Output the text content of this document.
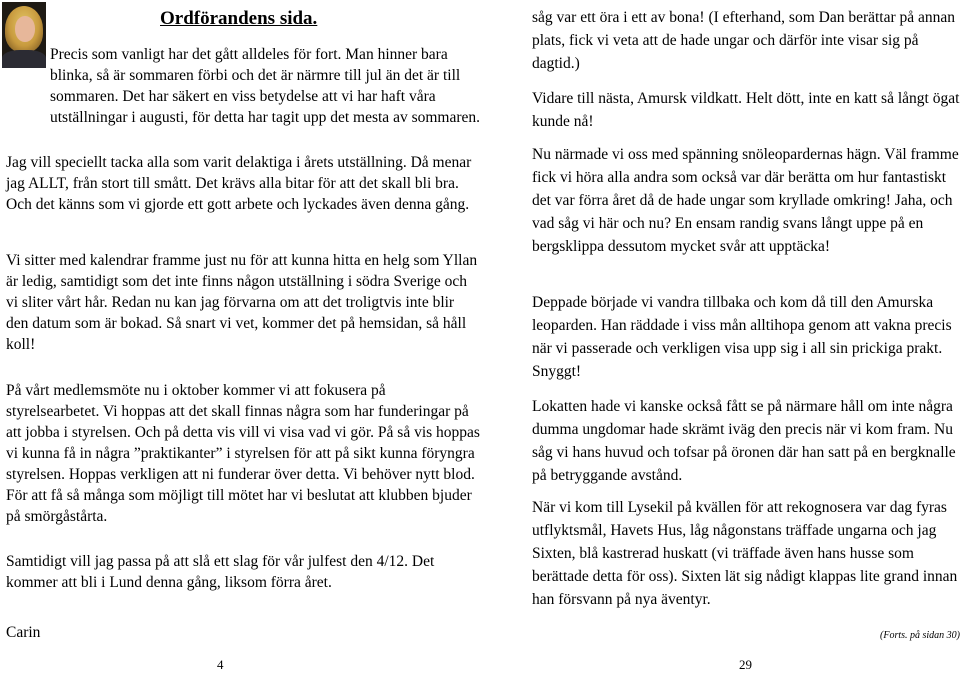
Ordförandens sida.

Precis som vanligt har det gått alldeles för fort. Man hinner bara blinka, så är sommaren förbi och det är närmre till jul än det är till sommaren. Det har säkert en viss betydelse att vi har haft våra utställningar i augusti, för detta har tagit upp det mesta av sommaren.

Jag vill speciellt tacka alla som varit delaktiga i årets utställning. Då menar jag ALLT, från stort till smått. Det krävs alla bitar för att det skall bli bra. Och det känns som vi gjorde ett gott arbete och lyckades även denna gång.

Vi sitter med kalendrar framme just nu för att kunna hitta en helg som Yllan är ledig, samtidigt som det inte finns någon utställning i södra Sverige och vi sliter vårt hår. Redan nu kan jag förvarna om att det troligtvis inte blir den datum som är bokad. Så snart vi vet, kommer det på hemsidan, så håll koll!

På vårt medlemsmöte nu i oktober kommer vi att fokusera på styrelsearbetet. Vi hoppas att det skall finnas några som har funderingar på att jobba i styrelsen. Och på detta vis vill vi visa vad vi gör. På så vis hoppas vi kunna få in några ”praktikanter” i styrelsen för att på sikt kunna föryngra styrelsen. Hoppas verkligen att ni funderar över detta. Vi behöver nytt blod. För att få så många som möjligt till mötet har vi beslutat att klubben bjuder på smörgåstårta.

Samtidigt vill jag passa på att slå ett slag för vår julfest den 4/12. Det kommer att bli i Lund denna gång, liksom förra året.

Carin

4

såg var ett öra i ett av bona! (I efterhand, som Dan berättar på annan plats, fick vi veta att de hade ungar och därför inte visar sig på dagtid.)

Vidare till nästa, Amursk vildkatt. Helt dött, inte en katt så långt ögat kunde nå!

Nu närmade vi oss med spänning snöleopardernas hägn. Väl framme fick vi höra alla andra som också var där berätta om hur fantastiskt det var förra året då de hade ungar som kryllade omkring! Jaha, och vad såg vi här och nu? En ensam randig svans långt uppe på en bergsklippa dessutom mycket svår att upptäcka!

Deppade började vi vandra tillbaka och kom då till den Amurska leoparden. Han räddade i viss mån alltihopa genom att vakna precis när vi passerade och verkligen visa upp sig i all sin prickiga prakt. Snyggt!

Lokatten hade vi kanske också fått se på närmare håll om inte några dumma ungdomar hade skrämt iväg den precis när vi kom fram. Nu såg vi hans huvud och tofsar på öronen där han satt på en bergknalle på betryggande avstånd.

När vi kom till Lysekil på kvällen för att rekognosera var dag fyras utflyktsmål, Havets Hus, låg någonstans träffade ungarna och jag Sixten, blå kastrerad huskatt (vi träffade även hans husse som berättade detta för oss). Sixten lät sig nådigt klappas lite grand innan han försvann på nya äventyr.

(Forts. på sidan 30)

29
